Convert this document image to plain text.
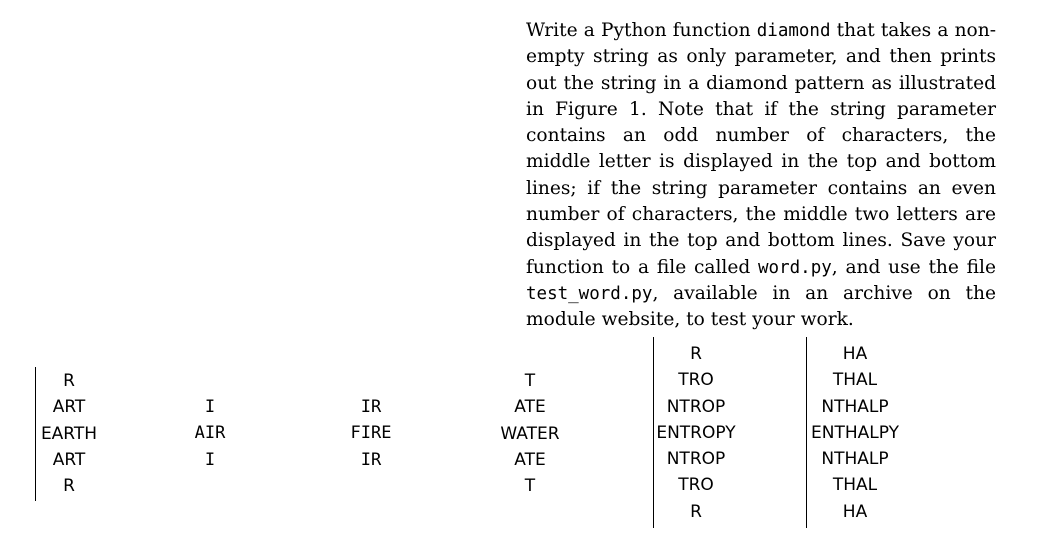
Write a Python function diamond that takes a non-empty string as only parameter, and then prints out the string in a diamond pattern as illustrated in Figure 1. Note that if the string parameter contains an odd number of characters, the middle letter is displayed in the top and bottom lines; if the string parameter contains an even number of characters, the middle two letters are displayed in the top and bottom lines. Save your function to a file called word.py, and use the file test_word.py, available in an archive on the module website, to test your work.
R
ART
EARTH
ART
R
I
AIR
I
IR
FIRE
IR
T
ATE
WATER
ATE
T
R
TRO
NTROP
ENTROPY
NTROP
TRO
R
HA
THAL
NTHALP
ENTHALPY
NTHALP
THAL
HA
